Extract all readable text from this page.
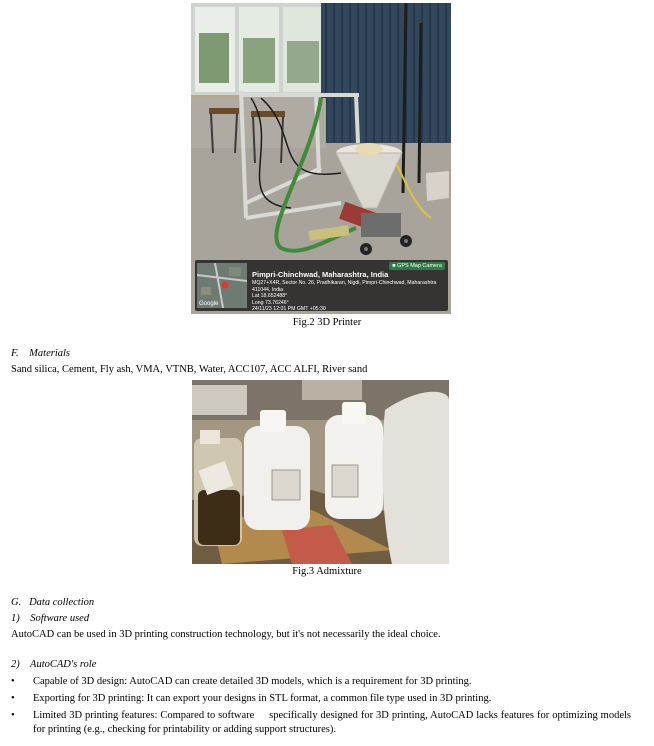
Google
■ GPS Map Camera
Pimpri-Chinchwad, Maharashtra, India
MQ27+X4R, Sector No. 26, Pradhikaran, Nigdi, Pimpri-Chinchwad, Maharashtra 411044, India
Lat 18.652488°
Long 73.76246°
24/11/23 12:01 PM GMT +05:30
Fig.2 3D Printer
F.    Materials
Sand silica, Cement, Fly ash, VMA, VTNB, Water, ACC107, ACC ALFI, River sand
Fig.3 Admixture
G.   Data collection
1)    Software used
AutoCAD can be used in 3D printing construction technology, but it's not necessarily the ideal choice.
2)    AutoCAD's role
•	Capable of 3D design: AutoCAD can create detailed 3D models, which is a requirement for 3D printing.
•	Exporting for 3D printing: It can export your designs in STL format, a common file type used in 3D printing.
•	Limited 3D printing features: Compared to software     specifically designed for 3D printing, AutoCAD lacks features for optimizing models for printing (e.g., checking for printability or adding support structures).
